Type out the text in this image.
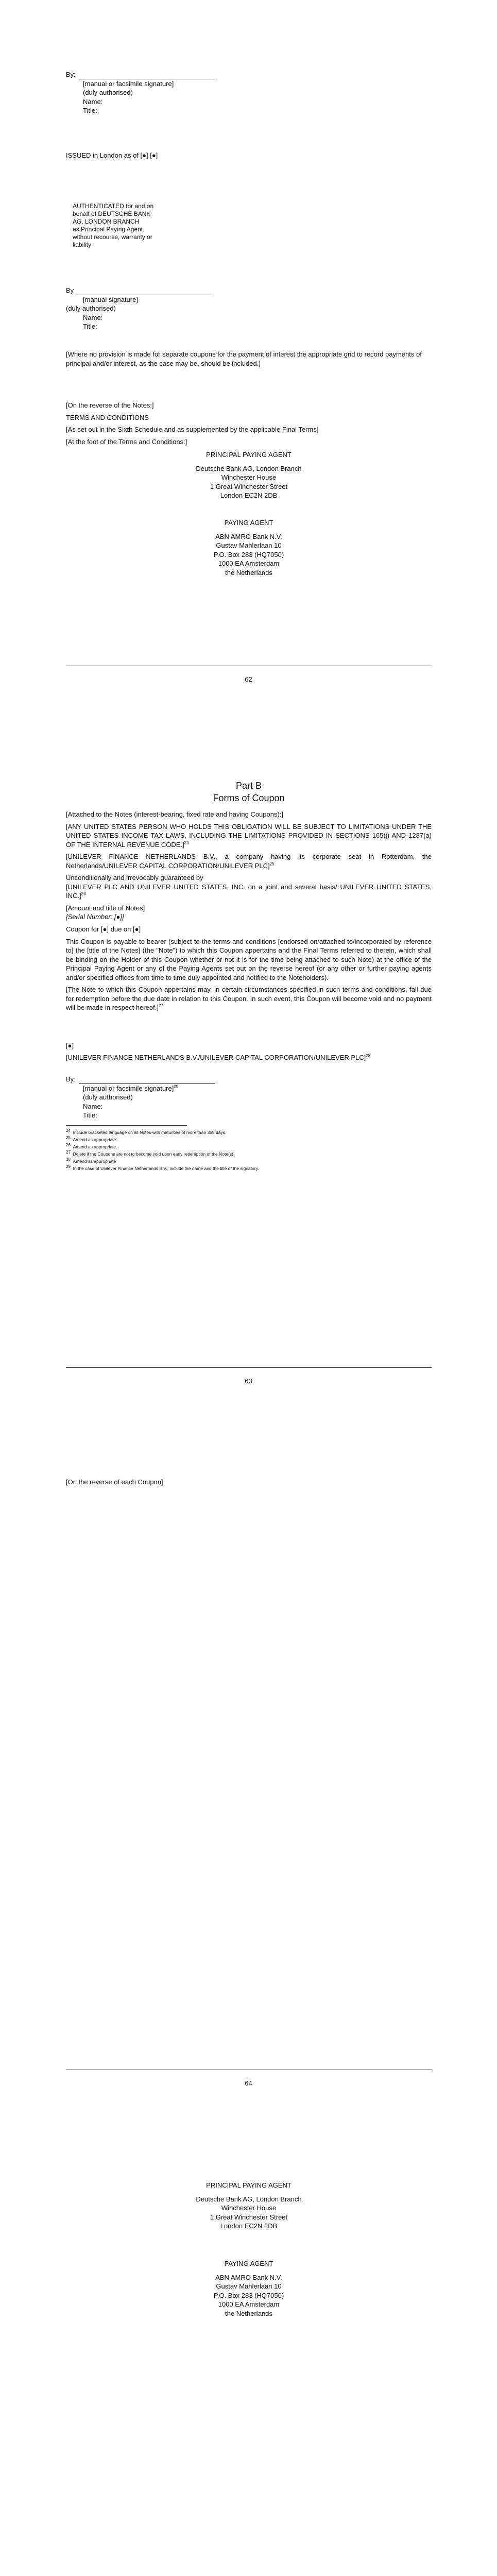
By:
[manual or facsimile signature]
(duly authorised)
Name:
Title:
ISSUED in London as of [●] [●]
AUTHENTICATED for and on
behalf of DEUTSCHE BANK
AG, LONDON BRANCH
as Principal Paying Agent
without recourse, warranty or
liability
By
[manual signature]
(duly authorised)
Name:
Title:

[Where no provision is made for separate coupons for the payment of interest the appropriate grid to record payments of principal and/or interest, as the case may be, should be included.]

[On the reverse of the Notes:]

TERMS AND CONDITIONS

[As set out in the Sixth Schedule and as supplemented by the applicable Final Terms]

[At the foot of the Terms and Conditions:]

PRINCIPAL PAYING AGENT
Deutsche Bank AG, London Branch
Winchester House
1 Great Winchester Street
London EC2N 2DB
PAYING AGENT
ABN AMRO Bank N.V.
Gustav Mahlerlaan 10
P.O. Box 283 (HQ7050)
1000 EA Amsterdam
the Netherlands
62
Part B
Forms of Coupon

[Attached to the Notes (interest-bearing, fixed rate and having Coupons):]

[ANY UNITED STATES PERSON WHO HOLDS THIS OBLIGATION WILL BE SUBJECT TO LIMITATIONS UNDER THE UNITED STATES INCOME TAX LAWS, INCLUDING THE LIMITATIONS PROVIDED IN SECTIONS 165(j) AND 1287(a) OF THE INTERNAL REVENUE CODE.]$^{24}$

[UNILEVER FINANCE NETHERLANDS B.V., a company having its corporate seat in Rotterdam, the Netherlands/UNILEVER CAPITAL CORPORATION/UNILEVER PLC]$^{25}$

Unconditionally and irrevocably guaranteed by

[UNILEVER PLC AND UNILEVER UNITED STATES, INC. on a joint and several basis/ UNILEVER UNITED STATES, INC.]$^{26}$

[Amount and title of Notes]

[Serial Number: [●]]

Coupon for [●] due on [●]

This Coupon is payable to bearer (subject to the terms and conditions [endorsed on/attached to/incorporated by reference to] the [title of the Notes] (the "Note") to which this Coupon appertains and the Final Terms referred to therein, which shall be binding on the Holder of this Coupon whether or not it is for the time being attached to such Note) at the office of the Principal Paying Agent or any of the Paying Agents set out on the reverse hereof (or any other or further paying agents and/or specified offices from time to time duly appointed and notified to the Noteholders).

[The Note to which this Coupon appertains may, in certain circumstances specified in such terms and conditions, fall due for redemption before the due date in relation to this Coupon. In such event, this Coupon will become void and no payment will be made in respect hereof.]$^{27}$

[●]

[UNILEVER FINANCE NETHERLANDS B.V./UNILEVER CAPITAL CORPORATION/UNILEVER PLC]$^{28}$

By:
[manual or facsimile signature]$^{29}$
(duly authorised)
Name:
Title:
$^{24}$ Include bracketed language on all Notes with maturities of more than 365 days.
$^{25}$ Amend as appropriate.
$^{26}$ Amend as appropriate.
$^{27}$ Delete if the Coupons are not to become void upon early redemption of the Note(s).
$^{28}$ Amend as appropriate
$^{29}$ In the case of Unilever Finance Netherlands B.V., include the name and the title of the signatory.
63
[On the reverse of each Coupon]
64
PRINCIPAL PAYING AGENT
Deutsche Bank AG, London Branch
Winchester House
1 Great Winchester Street
London EC2N 2DB
PAYING AGENT
ABN AMRO Bank N.V.
Gustav Mahlerlaan 10
P.O. Box 283 (HQ7050)
1000 EA Amsterdam
the Netherlands
